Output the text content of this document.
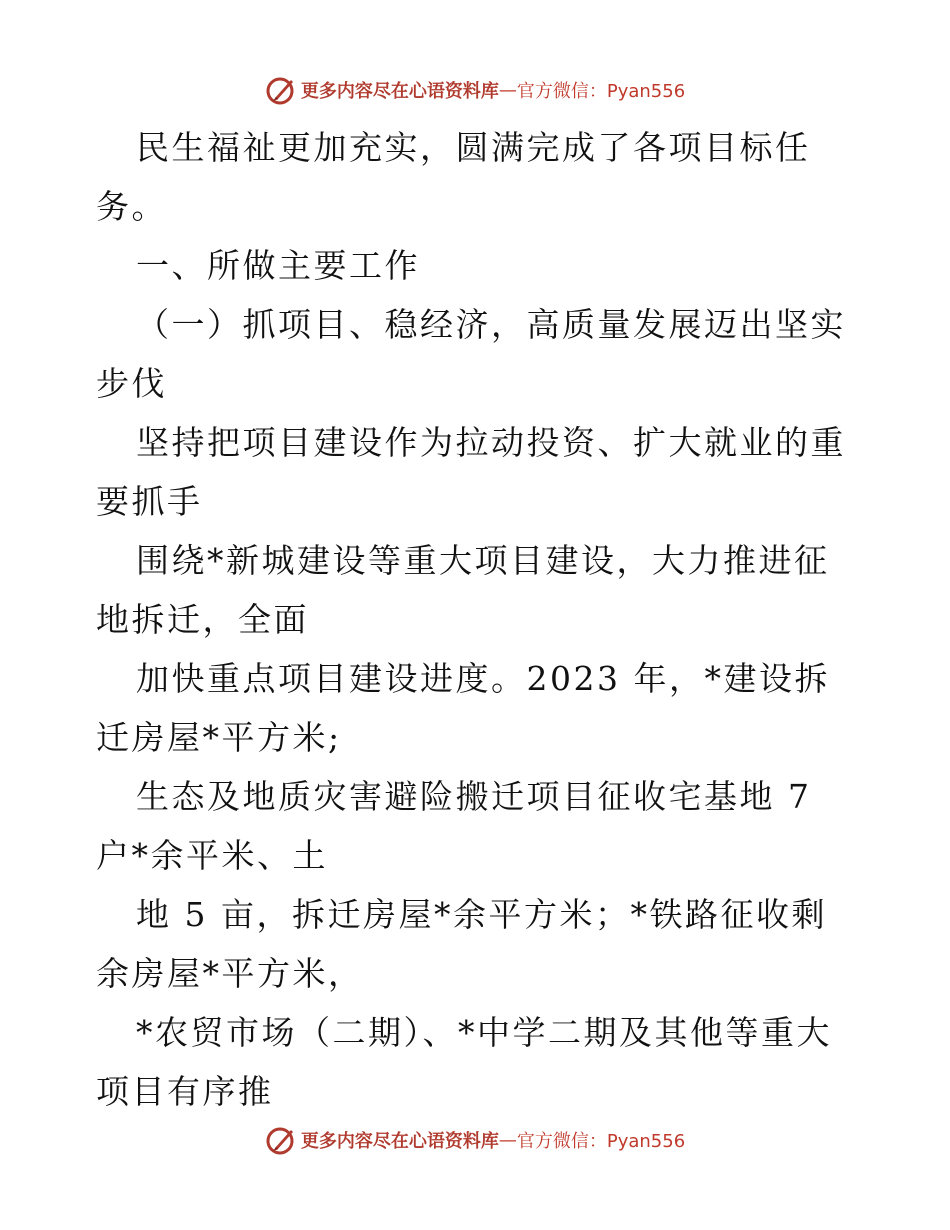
更多内容尽在心语资料库 — 官方微信：Pyan556

民生福祉更加充实，圆满完成了各项目标任务。

一、所做主要工作

（一）抓项目、稳经济，高质量发展迈出坚实步伐

坚持把项目建设作为拉动投资、扩大就业的重要抓手

围绕*新城建设等重大项目建设，大力推进征地拆迁，全面

加快重点项目建设进度。2023 年，*建设拆迁房屋*平方米;

生态及地质灾害避险搬迁项目征收宅基地 7 户*余平米、土

地 5 亩，拆迁房屋*余平方米；*铁路征收剩余房屋*平方米，

*农贸市场（二期）、*中学二期及其他等重大项目有序推

更多内容尽在心语资料库 — 官方微信：Pyan556
